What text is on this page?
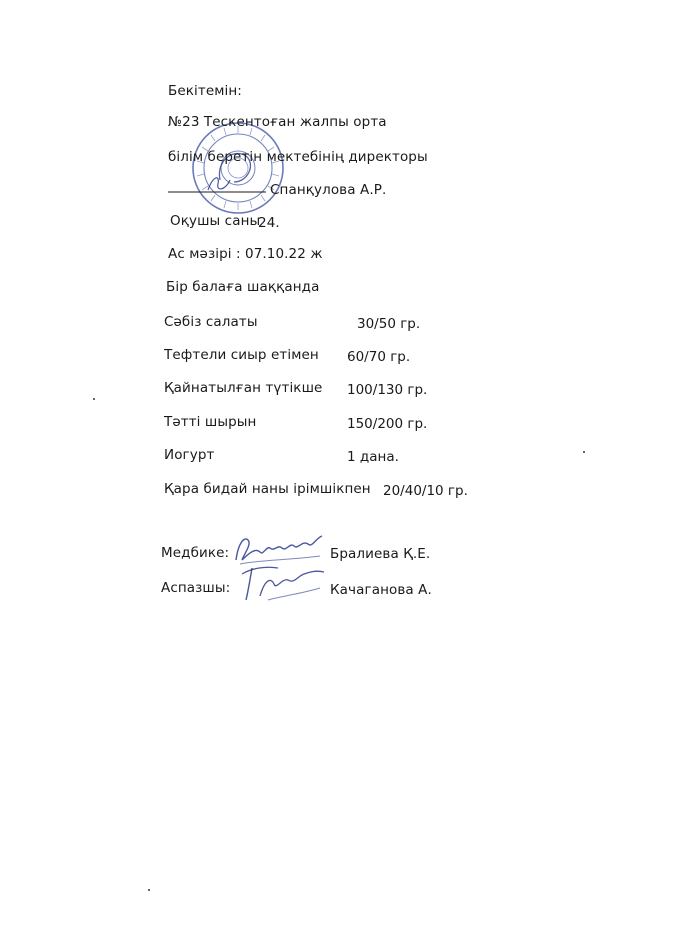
Бекітемін:
№23 Тескентоған жалпы орта
білім беретін мектебінің директоры
Спанқулова А.Р.
Оқушы саны
24.
Ас мәзірі : 07.10.22 ж
Бір балаға шаққанда
Сәбіз салаты	30/50 гр.
Тефтели сиыр етімен 60/70 гр.
Қайнатылған түтікше 100/130 гр.
Тәтті шырын	150/200 гр.
Иогурт	1 дана.
Қара бидай наны ірімшікпен 20/40/10 гр.
Медбике:	Бралиева Қ.Е.
Аспазшы:	Качаганова А.
